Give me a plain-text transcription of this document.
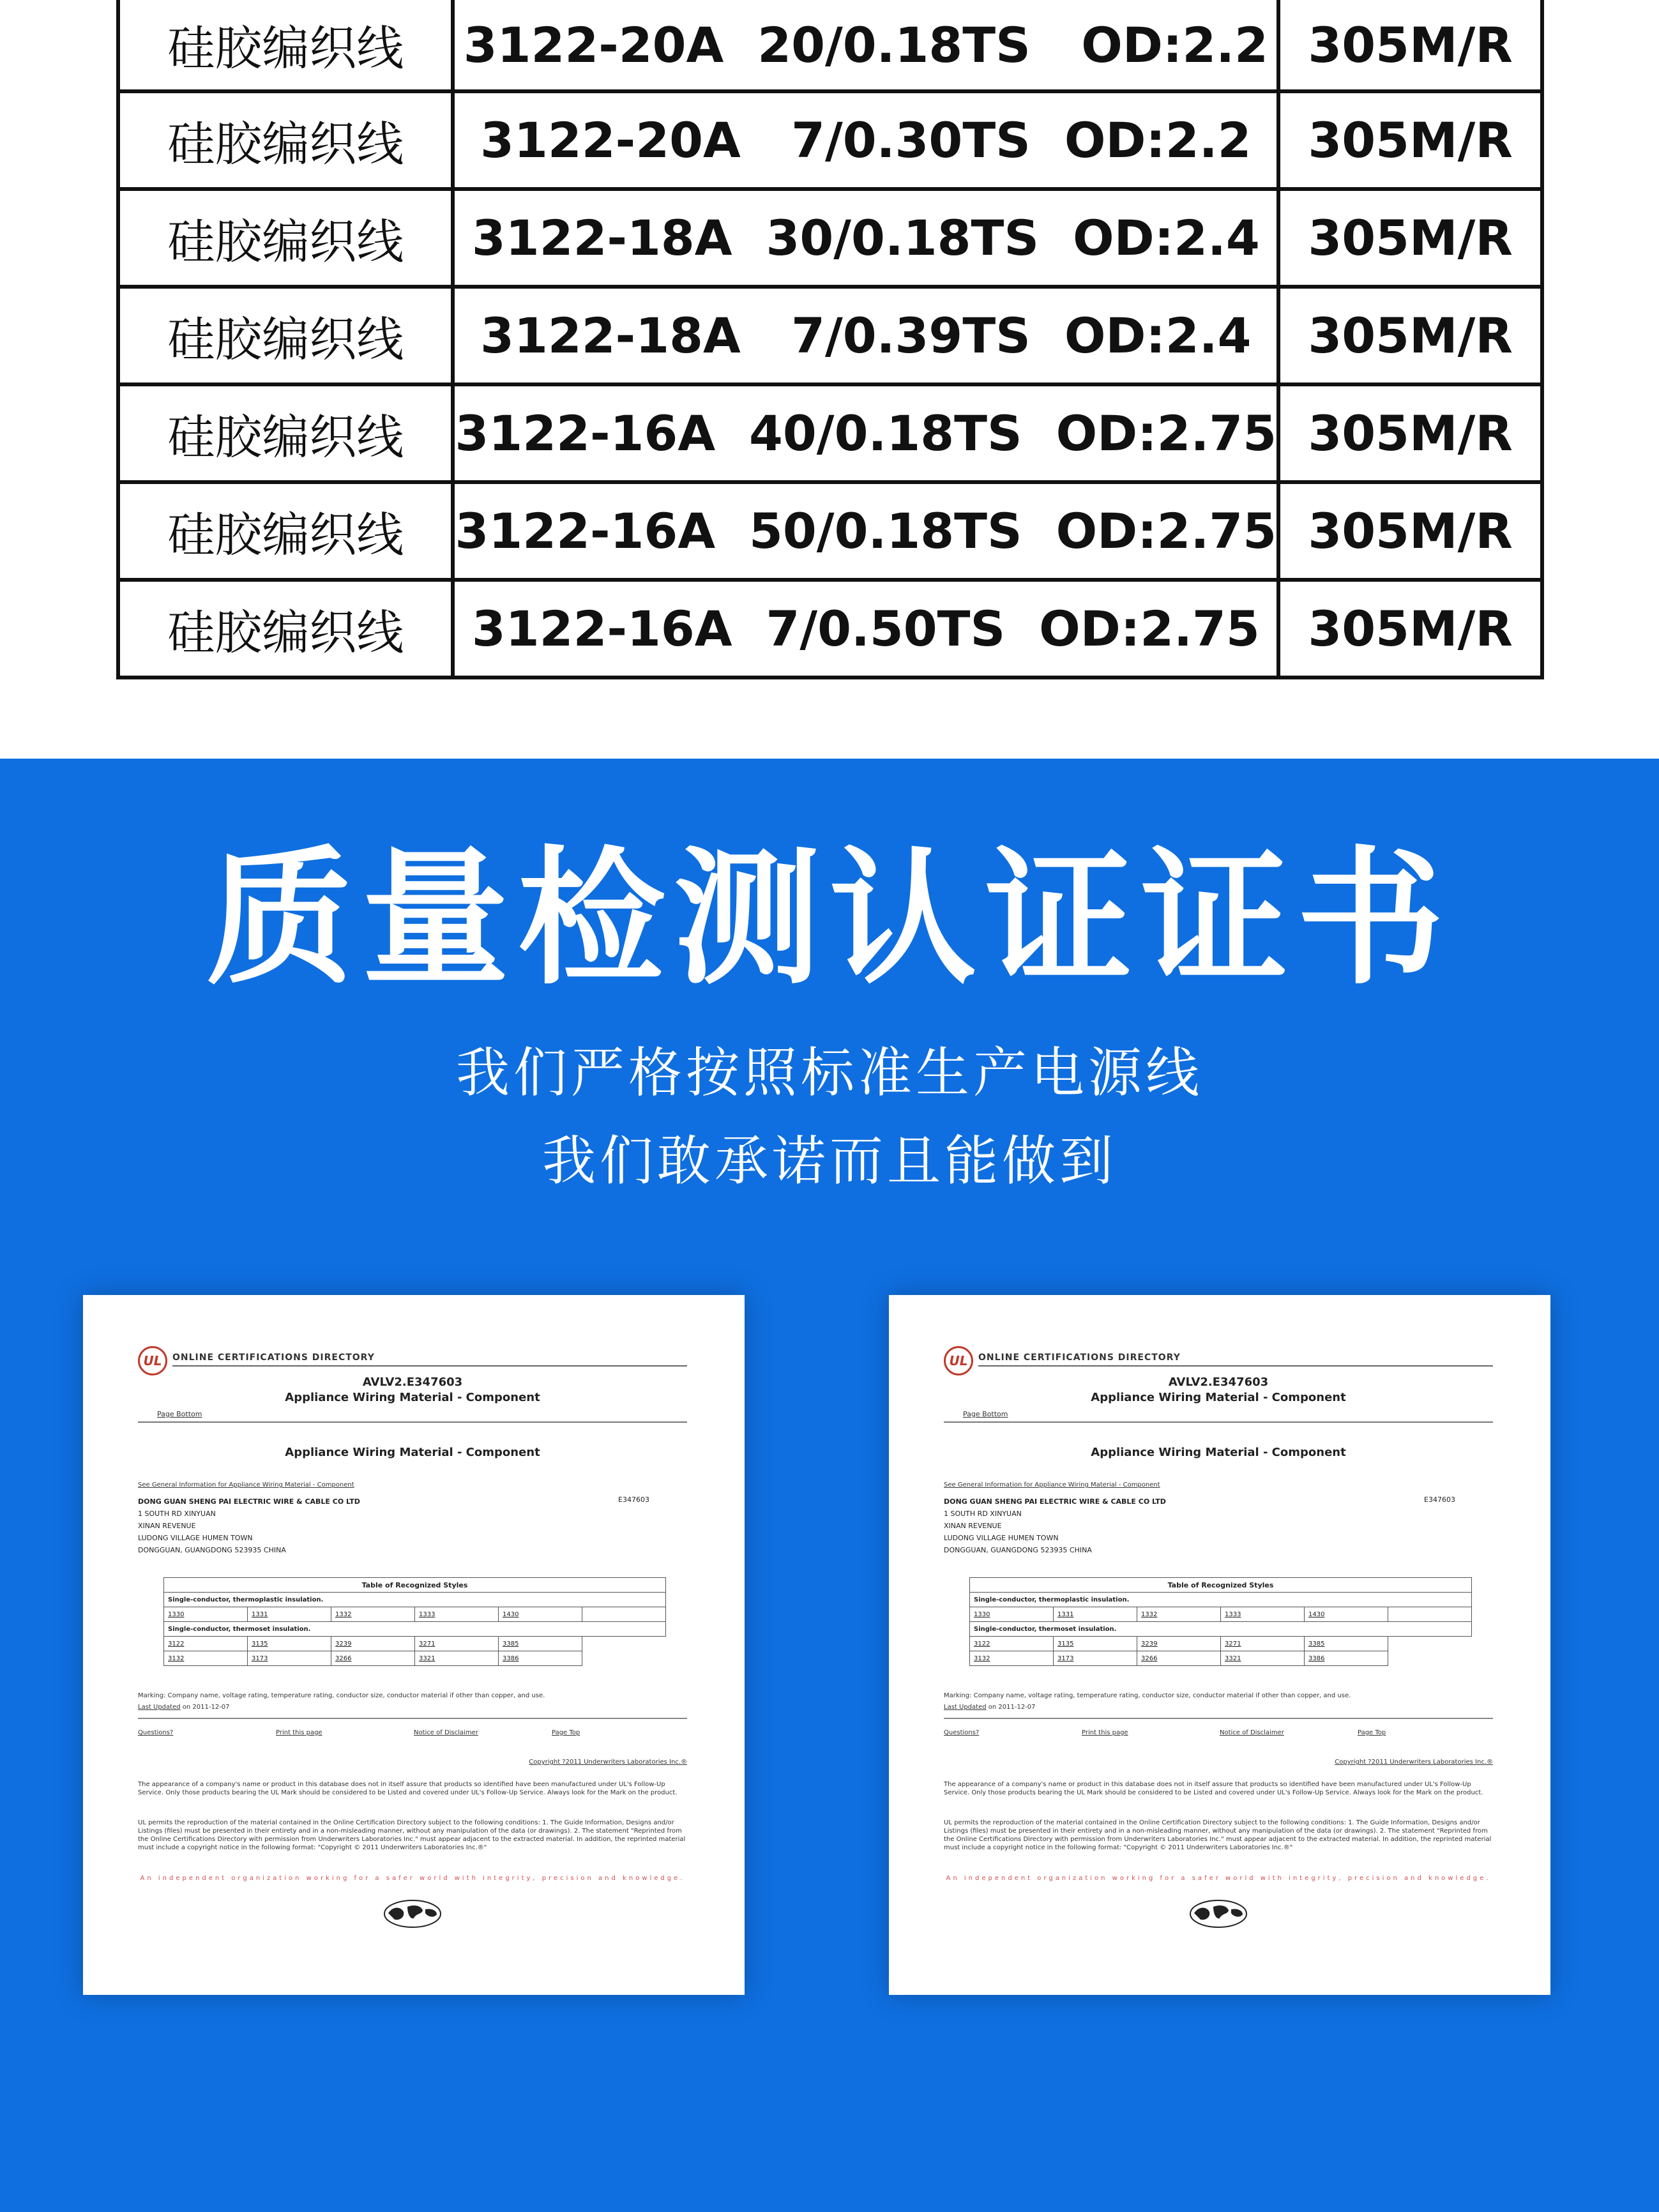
硅胶编织线	3122-20A  20/0.18TS   OD:2.2	305M/R
硅胶编织线	3122-20A   7/0.30TS  OD:2.2	305M/R
硅胶编织线	3122-18A  30/0.18TS  OD:2.4	305M/R
硅胶编织线	3122-18A   7/0.39TS  OD:2.4	305M/R
硅胶编织线	3122-16A  40/0.18TS  OD:2.75	305M/R
硅胶编织线	3122-16A  50/0.18TS  OD:2.75	305M/R
硅胶编织线	3122-16A  7/0.50TS  OD:2.75	305M/R
质量检测认证证书
我们严格按照标准生产电源线
我们敢承诺而且能做到
UL	ONLINE CERTIFICATIONS DIRECTORY
AVLV2.E347603
Appliance Wiring Material - Component
Page Bottom
Appliance Wiring Material - Component
See General Information for Appliance Wiring Material - Component
DONG GUAN SHENG PAI ELECTRIC WIRE & CABLE CO LTD
1 SOUTH RD XINYUAN
XINAN REVENUE
LUDONG VILLAGE HUMEN TOWN
DONGGUAN, GUANGDONG 523935 CHINA
E347603
Table of Recognized Styles					
Single-conductor, thermoplastic insulation.					
1330	1331	1332	1333	1430	
Single-conductor, thermoset insulation.					
3122	3135	3239	3271	3385	
3132	3173	3266	3321	3386	
Marking: Company name, voltage rating, temperature rating, conductor size, conductor material if other than copper, and use.
Last Updated on 2011-12-07
Questions?	Print this page	Notice of Disclaimer	Page Top
Copyright ?2011 Underwriters Laboratories Inc.®
The appearance of a company's name or product in this database does not in itself assure that products so identified have been manufactured under UL's Follow-Up Service. Only those products bearing the UL Mark should be considered to be Listed and covered under UL's Follow-Up Service. Always look for the Mark on the product.
UL permits the reproduction of the material contained in the Online Certification Directory subject to the following conditions: 1. The Guide Information, Designs and/or Listings (files) must be presented in their entirety and in a non-misleading manner, without any manipulation of the data (or drawings). 2. The statement "Reprinted from the Online Certifications Directory with permission from Underwriters Laboratories Inc." must appear adjacent to the extracted material. In addition, the reprinted material must include a copyright notice in the following format: "Copyright © 2011 Underwriters Laboratories Inc.®"
An independent organization working for a safer world with integrity, precision and knowledge.
UL	ONLINE CERTIFICATIONS DIRECTORY
AVLV2.E347603
Appliance Wiring Material - Component
Page Bottom
Appliance Wiring Material - Component
See General Information for Appliance Wiring Material - Component
DONG GUAN SHENG PAI ELECTRIC WIRE & CABLE CO LTD
1 SOUTH RD XINYUAN
XINAN REVENUE
LUDONG VILLAGE HUMEN TOWN
DONGGUAN, GUANGDONG 523935 CHINA
E347603
Table of Recognized Styles					
Single-conductor, thermoplastic insulation.					
1330	1331	1332	1333	1430	
Single-conductor, thermoset insulation.					
3122	3135	3239	3271	3385	
3132	3173	3266	3321	3386	
Marking: Company name, voltage rating, temperature rating, conductor size, conductor material if other than copper, and use.
Last Updated on 2011-12-07
Questions?	Print this page	Notice of Disclaimer	Page Top
Copyright ?2011 Underwriters Laboratories Inc.®
The appearance of a company's name or product in this database does not in itself assure that products so identified have been manufactured under UL's Follow-Up Service. Only those products bearing the UL Mark should be considered to be Listed and covered under UL's Follow-Up Service. Always look for the Mark on the product.
UL permits the reproduction of the material contained in the Online Certification Directory subject to the following conditions: 1. The Guide Information, Designs and/or Listings (files) must be presented in their entirety and in a non-misleading manner, without any manipulation of the data (or drawings). 2. The statement "Reprinted from the Online Certifications Directory with permission from Underwriters Laboratories Inc." must appear adjacent to the extracted material. In addition, the reprinted material must include a copyright notice in the following format: "Copyright © 2011 Underwriters Laboratories Inc.®"
An independent organization working for a safer world with integrity, precision and knowledge.
